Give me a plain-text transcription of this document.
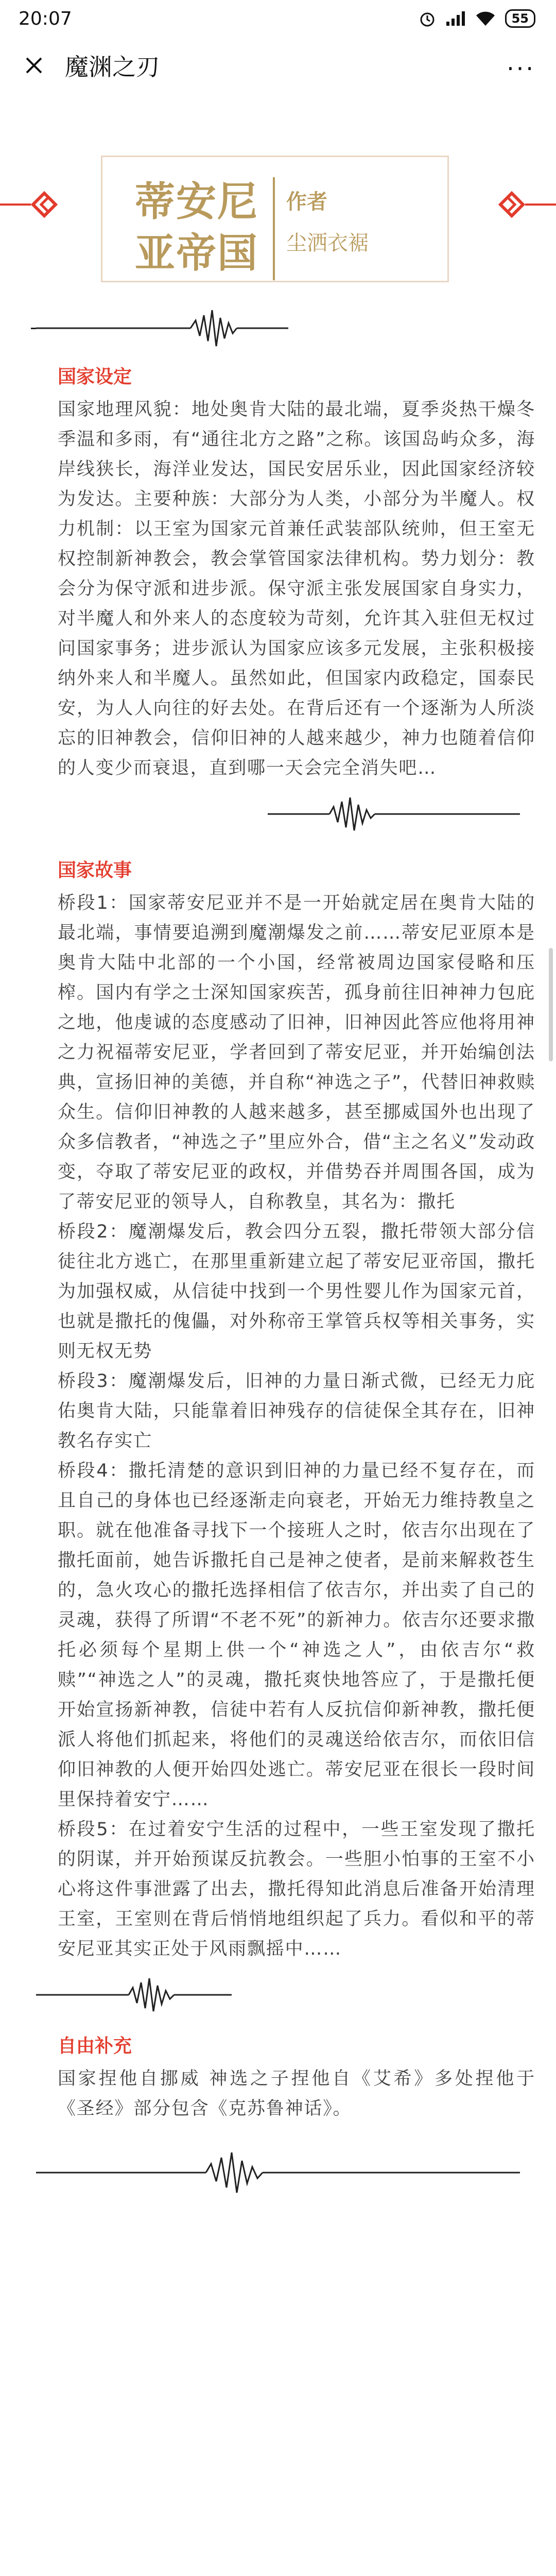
20:07	55
魔渊之刃	···
蒂安尼
亚帝国
作者
尘洒衣裾
国家设定

国家地理风貌：地处奥肯大陆的最北端，夏季炎热干燥冬季温和多雨，有“通往北方之路”之称。该国岛屿众多，海岸线狭长，海洋业发达，国民安居乐业，因此国家经济较为发达。主要种族：大部分为人类，小部分为半魔人。权力机制：以王室为国家元首兼任武装部队统帅，但王室无权控制新神教会，教会掌管国家法律机构。势力划分：教会分为保守派和进步派。保守派主张发展国家自身实力，对半魔人和外来人的态度较为苛刻，允许其入驻但无权过问国家事务；进步派认为国家应该多元发展，主张积极接纳外来人和半魔人。虽然如此，但国家内政稳定，国泰民安，为人人向往的好去处。在背后还有一个逐渐为人所淡忘的旧神教会，信仰旧神的人越来越少，神力也随着信仰的人变少而衰退，直到哪一天会完全消失吧…

国家故事

桥段1：国家蒂安尼亚并不是一开始就定居在奥肯大陆的最北端，事情要追溯到魔潮爆发之前……蒂安尼亚原本是奥肯大陆中北部的一个小国，经常被周边国家侵略和压榨。国内有学之士深知国家疾苦，孤身前往旧神神力包庇之地，他虔诚的态度感动了旧神，旧神因此答应他将用神之力祝福蒂安尼亚，学者回到了蒂安尼亚，并开始编创法典，宣扬旧神的美德，并自称“神选之子”，代替旧神救赎众生。信仰旧神教的人越来越多，甚至挪威国外也出现了众多信教者，“神选之子”里应外合，借“主之名义”发动政变，夺取了蒂安尼亚的政权，并借势吞并周围各国，成为了蒂安尼亚的领导人，自称教皇，其名为：撒托

桥段2：魔潮爆发后，教会四分五裂，撒托带领大部分信徒往北方逃亡，在那里重新建立起了蒂安尼亚帝国，撒托为加强权威，从信徒中找到一个男性婴儿作为国家元首，也就是撒托的傀儡，对外称帝王掌管兵权等相关事务，实则无权无势

桥段3：魔潮爆发后，旧神的力量日渐式微，已经无力庇佑奥肯大陆，只能靠着旧神残存的信徒保全其存在，旧神教名存实亡

桥段4：撒托清楚的意识到旧神的力量已经不复存在，而且自己的身体也已经逐渐走向衰老，开始无力维持教皇之职。就在他准备寻找下一个接班人之时，依吉尔出现在了撒托面前，她告诉撒托自己是神之使者，是前来解救苍生的，急火攻心的撒托选择相信了依吉尔，并出卖了自己的灵魂，获得了所谓“不老不死”的新神力。依吉尔还要求撒托必须每个星期上供一个“神选之人”，由依吉尔“救赎”“神选之人”的灵魂，撒托爽快地答应了，于是撒托便开始宣扬新神教，信徒中若有人反抗信仰新神教，撒托便派人将他们抓起来，将他们的灵魂送给依吉尔，而依旧信仰旧神教的人便开始四处逃亡。蒂安尼亚在很长一段时间里保持着安宁……

桥段5：在过着安宁生活的过程中，一些王室发现了撒托的阴谋，并开始预谋反抗教会。一些胆小怕事的王室不小心将这件事泄露了出去，撒托得知此消息后准备开始清理王室，王室则在背后悄悄地组织起了兵力。看似和平的蒂安尼亚其实正处于风雨飘摇中……

自由补充

国家捏他自挪威 神选之子捏他自《艾希》多处捏他于《圣经》部分包含《克苏鲁神话》。
